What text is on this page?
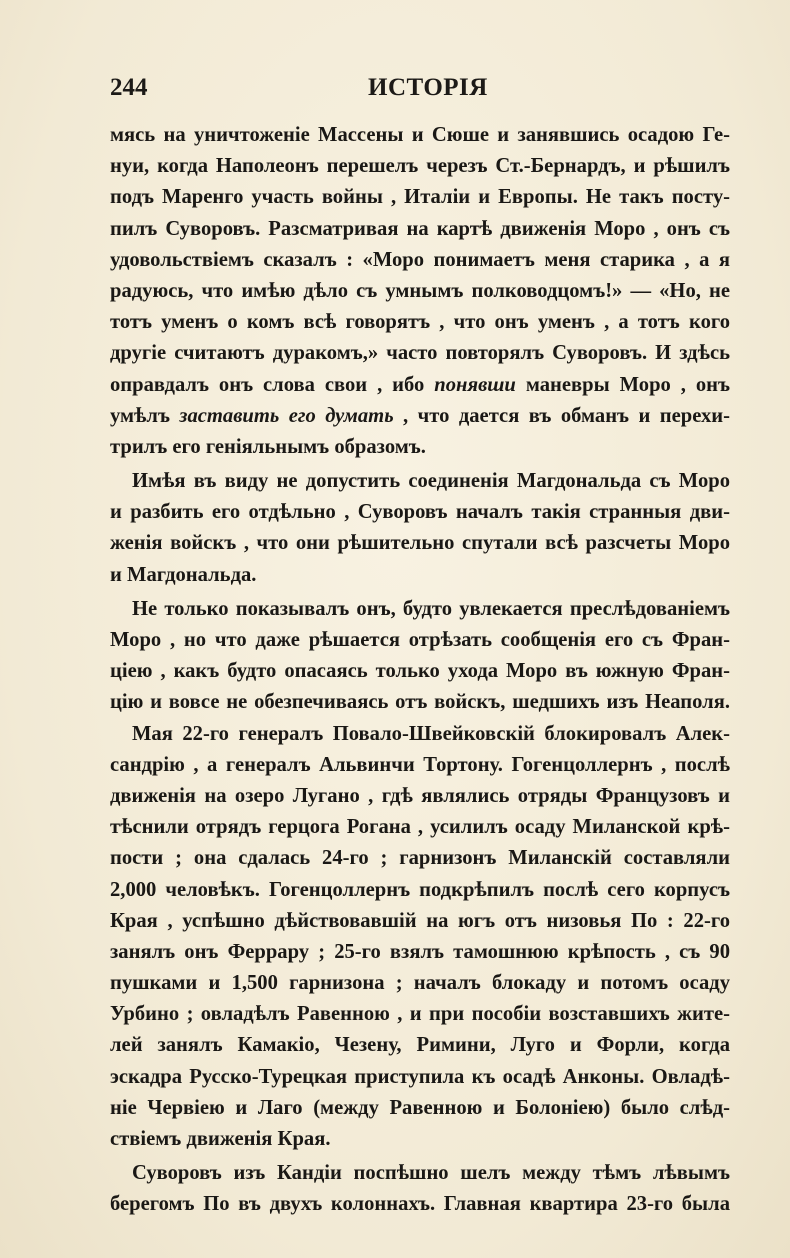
244	ИСТОРІЯ
мясь на уничтоженіе Массены и Сюше и занявшись осадою Ге-
нуи, когда Наполеонъ перешелъ черезъ Ст.-Бернардъ, и рѣшилъ
подъ Маренго участь войны , Италіи и Европы. Не такъ посту-
пилъ Суворовъ. Разсматривая на картѣ движенія Моро , онъ съ
удовольствіемъ сказалъ : «Моро понимаетъ меня старика , а я
радуюсь, что имѣю дѣло съ умнымъ полководцомъ!» — «Но, не
тотъ уменъ о комъ всѣ говорятъ , что онъ уменъ , а тотъ кого
другіе считаютъ дуракомъ,» часто повторялъ Суворовъ. И здѣсь
оправдалъ онъ слова свои , ибо понявши маневры Моро , онъ
умѣлъ заставить его думать , что дается въ обманъ и перехи-
трилъ его геніяльнымъ образомъ.
Имѣя въ виду не допустить соединенія Магдональда съ Моро
и разбить его отдѣльно , Суворовъ началъ такія странныя дви-
женія войскъ , что они рѣшительно спутали всѣ разсчеты Моро
и Магдональда.
Не только показывалъ онъ, будто увлекается преслѣдованіемъ
Моро , но что даже рѣшается отрѣзать сообщенія его съ Фран-
ціею , какъ будто опасаясь только ухода Моро въ южную Фран-
цію и вовсе не обезпечиваясь отъ войскъ, шедшихъ изъ Неаполя.
Мая 22-го генералъ Повало-Швейковскій блокировалъ Алек-
сандрію , а генералъ Альвинчи Тортону. Гогенцоллернъ , послѣ
движенія на озеро Лугано , гдѣ являлись отряды Французовъ и
тѣснили отрядъ герцога Рогана , усилилъ осаду Миланской крѣ-
пости ; она сдалась 24-го ; гарнизонъ Миланскій составляли
2,000 человѣкъ. Гогенцоллернъ подкрѣпилъ послѣ сего корпусъ
Края , успѣшно дѣйствовавшій на югъ отъ низовья По : 22-го
занялъ онъ Феррару ; 25-го взялъ тамошнюю крѣпость , съ 90
пушками и 1,500 гарнизона ; началъ блокаду и потомъ осаду
Урбино ; овладѣлъ Равенною , и при пособіи возставшихъ жите-
лей занялъ Камакіо, Чезену, Римини, Луго и Форли, когда
эскадра Русско-Турецкая приступила къ осадѣ Анконы. Овладѣ-
ніе Червіею и Лаго (между Равенною и Болоніею) было слѣд-
ствіемъ движенія Края.
Суворовъ изъ Кандіи поспѣшно шелъ между тѣмъ лѣвымъ
берегомъ По въ двухъ колоннахъ. Главная квартира 23-го была
